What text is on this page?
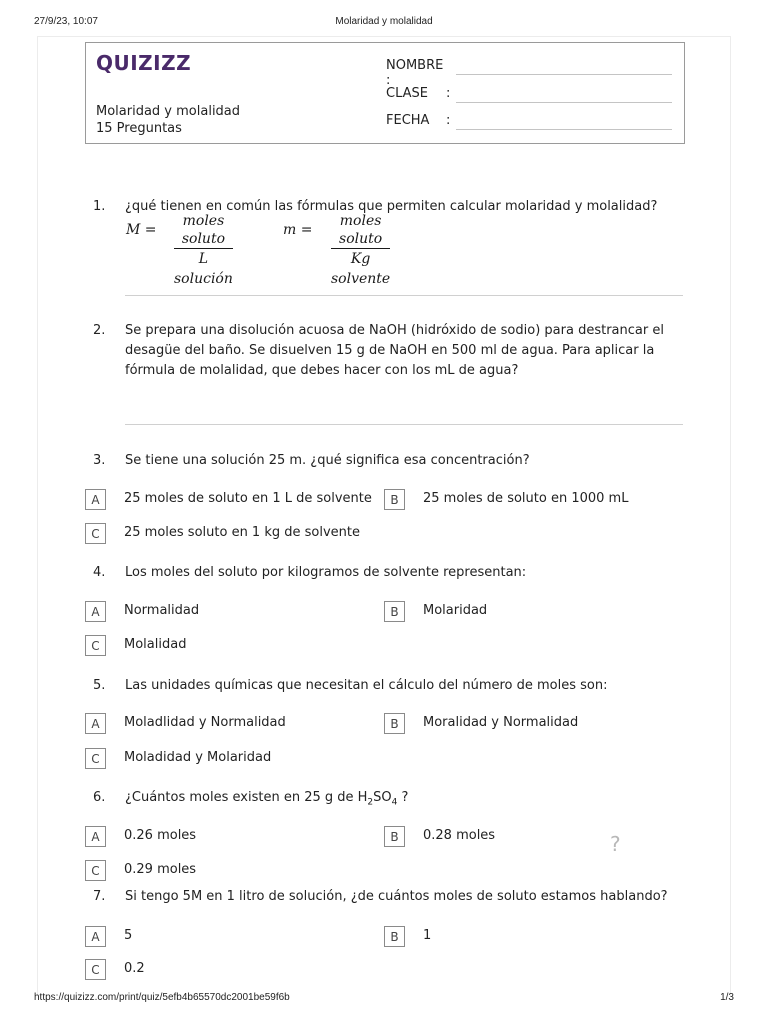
27/9/23, 10:07	Molaridad y molalidad
QUIZIZZ
Molaridad y molalidad
15 Preguntas
NOMBRE :
CLASE :
FECHA :
1.	¿qué tienen en común las fórmulas que permiten calcular molaridad y molalidad?
M =
moles soluto
L solución
m =
moles soluto
Kg solvente
2.	Se prepara una disolución acuosa de NaOH (hidróxido de sodio) para destrancar el desagüe del baño. Se disuelven 15 g de NaOH en 500 ml de agua. Para aplicar la fórmula de molalidad, que debes hacer con los mL de agua?
3.	Se tiene una solución 25 m. ¿qué significa esa concentración?
A	25 moles de soluto en 1 L de solvente	B	25 moles de soluto en 1000 mL
C	25 moles soluto en 1 kg de solvente
4.	Los moles del soluto por kilogramos de solvente representan:
A	Normalidad	B	Molaridad
C	Molalidad
5.	Las unidades químicas que necesitan el cálculo del número de moles son:
A	Moladlidad y Normalidad	B	Moralidad y Normalidad
C	Moladidad y Molaridad
6.	¿Cuántos moles existen en 25 g de $H_2SO_4$ ?
A	0.26 moles	B	0.28 moles
C	0.29 moles
?
7.	Si tengo 5M en 1 litro de solución, ¿de cuántos moles de soluto estamos hablando?
A	5	B	1
C	0.2
https://quizizz.com/print/quiz/5efb4b65570dc2001be59f6b	1/3
